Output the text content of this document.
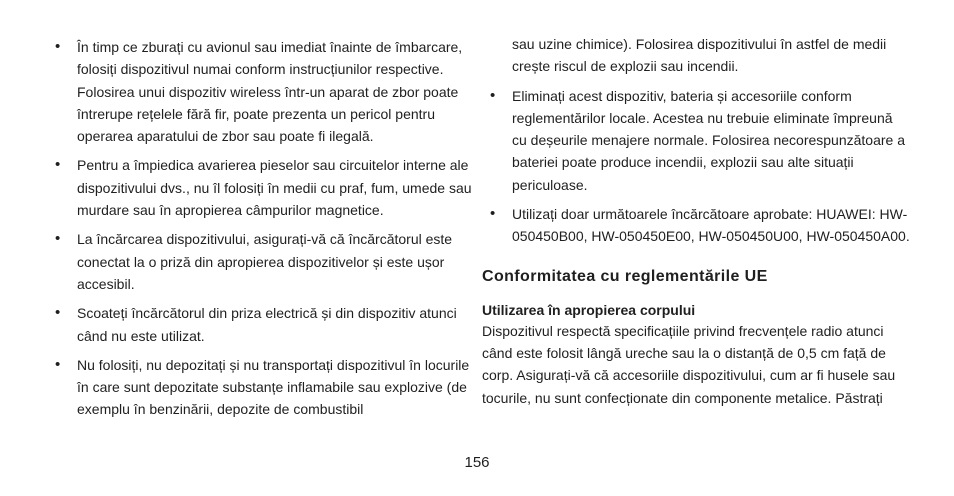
• În timp ce zburați cu avionul sau imediat înainte de îmbarcare, folosiți dispozitivul numai conform instrucțiunilor respective. Folosirea unui dispozitiv wireless într-un aparat de zbor poate întrerupe rețelele fără fir, poate prezenta un pericol pentru operarea aparatului de zbor sau poate fi ilegală.
• Pentru a împiedica avarierea pieselor sau circuitelor interne ale dispozitivului dvs., nu îl folosiți în medii cu praf, fum, umede sau murdare sau în apropierea câmpurilor magnetice.
• La încărcarea dispozitivului, asigurați-vă că încărcătorul este conectat la o priză din apropierea dispozitivelor și este ușor accesibil.
• Scoateți încărcătorul din priza electrică și din dispozitiv atunci când nu este utilizat.
• Nu folosiți, nu depozitați și nu transportați dispozitivul în locurile în care sunt depozitate substanțe inflamabile sau explozive (de exemplu în benzinării, depozite de combustibil
sau uzine chimice). Folosirea dispozitivului în astfel de medii crește riscul de explozii sau incendii.
• Eliminați acest dispozitiv, bateria și accesoriile conform reglementărilor locale. Acestea nu trebuie eliminate împreună cu deșeurile menajere normale. Folosirea necorespunzătoare a bateriei poate produce incendii, explozii sau alte situații periculoase.
• Utilizați doar următoarele încărcătoare aprobate: HUAWEI: HW-050450B00, HW-050450E00, HW-050450U00, HW-050450A00.
Conformitatea cu reglementările UE
Utilizarea în apropierea corpului
Dispozitivul respectă specificațiile privind frecvențele radio atunci când este folosit lângă ureche sau la o distanță de 0,5 cm față de corp. Asigurați-vă că accesoriile dispozitivului, cum ar fi husele sau tocurile, nu sunt confecționate din componente metalice. Păstrați
156
